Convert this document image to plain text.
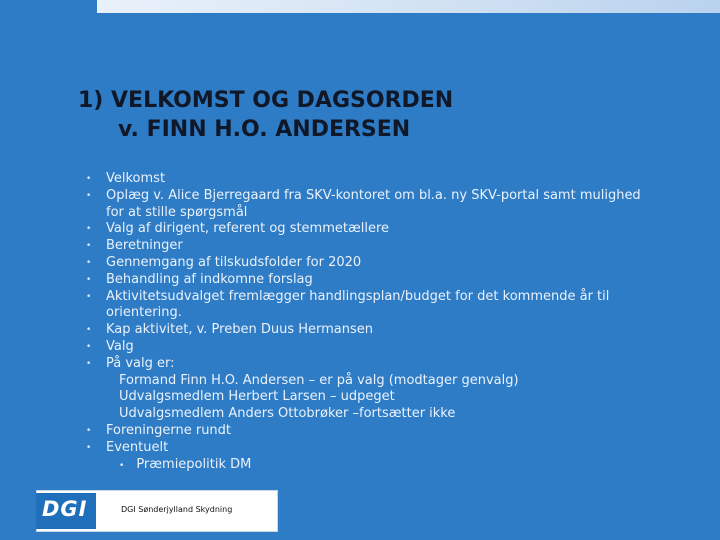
1) VELKOMST OG DAGSORDEN
v. FINN H.O. ANDERSEN
• Velkomst
• Oplæg v. Alice Bjerregaard fra SKV-kontoret om bl.a. ny SKV-portal samt mulighed for at stille spørgsmål
• Valg af dirigent, referent og stemmetællere
• Beretninger
• Gennemgang af tilskudsfolder for 2020
• Behandling af indkomne forslag
• Aktivitetsudvalget fremlægger handlingsplan/budget for det kommende år til orientering.
• Kap aktivitet, v. Preben Duus Hermansen
• Valg
• På valg er:
Formand Finn H.O. Andersen – er på valg (modtager genvalg)
Udvalgsmedlem Herbert Larsen – udpeget
Udvalgsmedlem Anders Ottobrøker –fortsætter ikke
• Foreningerne rundt
• Eventuelt
• Præmiepolitik DM
DGI	DGI Sønderjylland Skydning
